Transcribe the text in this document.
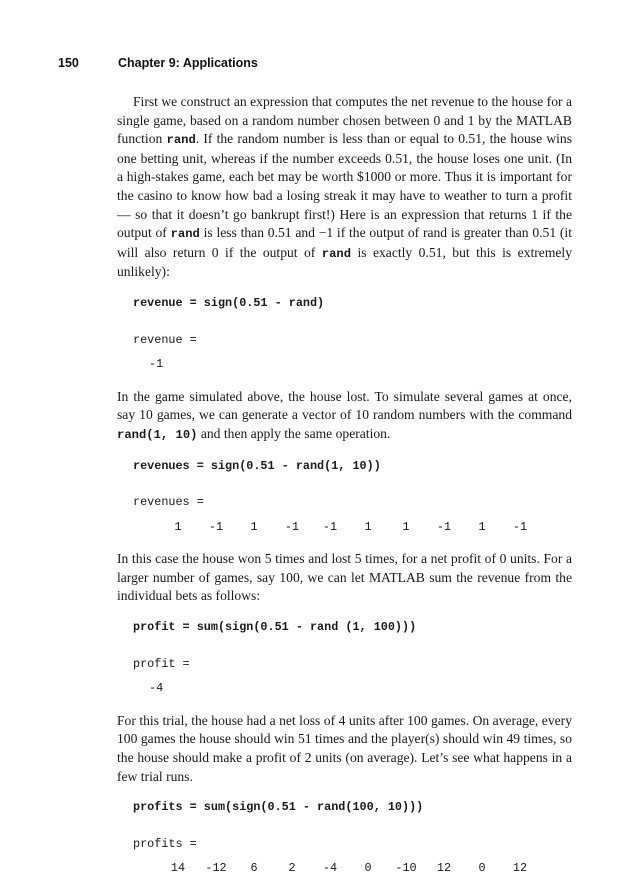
150	Chapter 9: Applications

First we construct an expression that computes the net revenue to the house for a single game, based on a random number chosen between 0 and 1 by the MATLAB function rand. If the random number is less than or equal to 0.51, the house wins one betting unit, whereas if the number exceeds 0.51, the house loses one unit. (In a high-stakes game, each bet may be worth $1000 or more. Thus it is important for the casino to know how bad a losing streak it may have to weather to turn a profit — so that it doesn’t go bankrupt first!) Here is an expression that returns 1 if the output of rand is less than 0.51 and −1 if the output of rand is greater than 0.51 (it will also return 0 if the output of rand is exactly 0.51, but this is extremely unlikely):

revenue = sign(0.51 - rand)
revenue =
-1

In the game simulated above, the house lost. To simulate several games at once, say 10 games, we can generate a vector of 10 random numbers with the command rand(1, 10) and then apply the same operation.

revenues = sign(0.51 - rand(1, 10))
revenues =
1	-1	1	-1	-1	1	1	-1	1	-1

In this case the house won 5 times and lost 5 times, for a net profit of 0 units. For a larger number of games, say 100, we can let MATLAB sum the revenue from the individual bets as follows:

profit = sum(sign(0.51 - rand (1, 100)))
profit =
-4

For this trial, the house had a net loss of 4 units after 100 games. On average, every 100 games the house should win 51 times and the player(s) should win 49 times, so the house should make a profit of 2 units (on average). Let’s see what happens in a few trial runs.

profits = sum(sign(0.51 - rand(100, 10)))
profits =
14	-12	6	2	-4	0	-10	12	0	12
